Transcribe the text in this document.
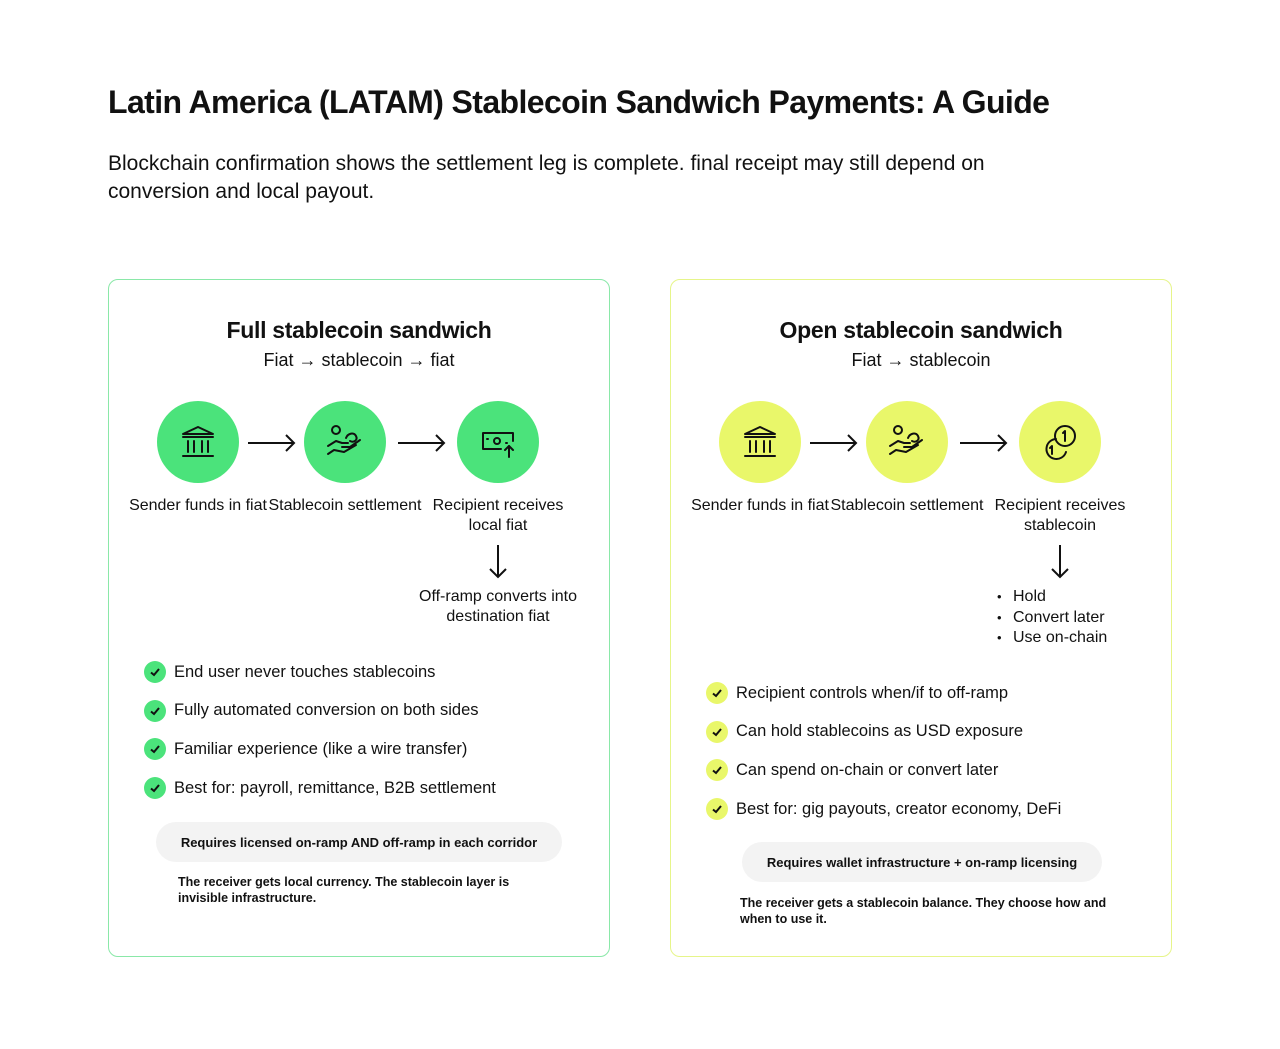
Latin America (LATAM) Stablecoin Sandwich Payments: A Guide
Blockchain confirmation shows the settlement leg is complete. final receipt may still depend on conversion and local payout.
Full stablecoin sandwich
Fiat → stablecoin → fiat
Sender funds in fiat Stablecoin settlement Recipient receives local fiat
Off-ramp converts into destination fiat
End user never touches stablecoins
Fully automated conversion on both sides
Familiar experience (like a wire transfer)
Best for: payroll, remittance, B2B settlement
Requires licensed on-ramp AND off-ramp in each corridor
The receiver gets local currency. The stablecoin layer is invisible infrastructure.
Open stablecoin sandwich
Fiat → stablecoin
Sender funds in fiat Stablecoin settlement Recipient receives stablecoin
• Hold
• Convert later
• Use on-chain
Recipient controls when/if to off-ramp
Can hold stablecoins as USD exposure
Can spend on-chain or convert later
Best for: gig payouts, creator economy, DeFi
Requires wallet infrastructure + on-ramp licensing
The receiver gets a stablecoin balance. They choose how and when to use it.
